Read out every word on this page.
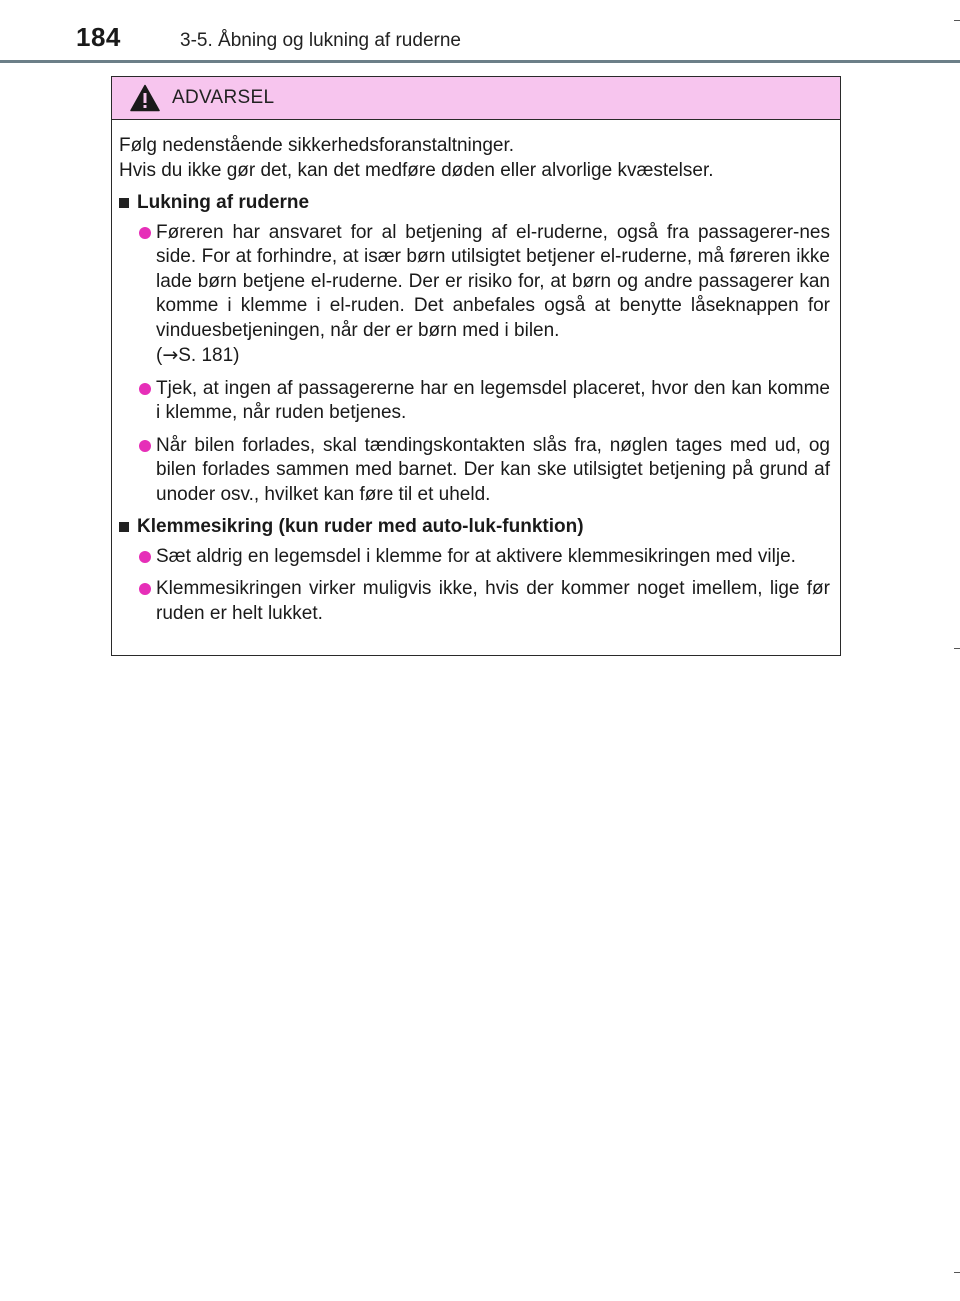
184	3-5. Åbning og lukning af ruderne
ADVARSEL
Følg nedenstående sikkerhedsforanstaltninger.
Hvis du ikke gør det, kan det medføre døden eller alvorlige kvæstelser.
Lukning af ruderne
Føreren har ansvaret for al betjening af el-ruderne, også fra passagerer-nes side. For at forhindre, at især børn utilsigtet betjener el-ruderne, må føreren ikke lade børn betjene el-ruderne. Der er risiko for, at børn og andre passagerer kan komme i klemme i el-ruden. Det anbefales også at benytte låseknappen for vinduesbetjeningen, når der er børn med i bilen.
(→S. 181)
Tjek, at ingen af passagererne har en legemsdel placeret, hvor den kan komme i klemme, når ruden betjenes.
Når bilen forlades, skal tændingskontakten slås fra, nøglen tages med ud, og bilen forlades sammen med barnet. Der kan ske utilsigtet betjening på grund af unoder osv., hvilket kan føre til et uheld.
Klemmesikring (kun ruder med auto-luk-funktion)
Sæt aldrig en legemsdel i klemme for at aktivere klemmesikringen med vilje.
Klemmesikringen virker muligvis ikke, hvis der kommer noget imellem, lige før ruden er helt lukket.
